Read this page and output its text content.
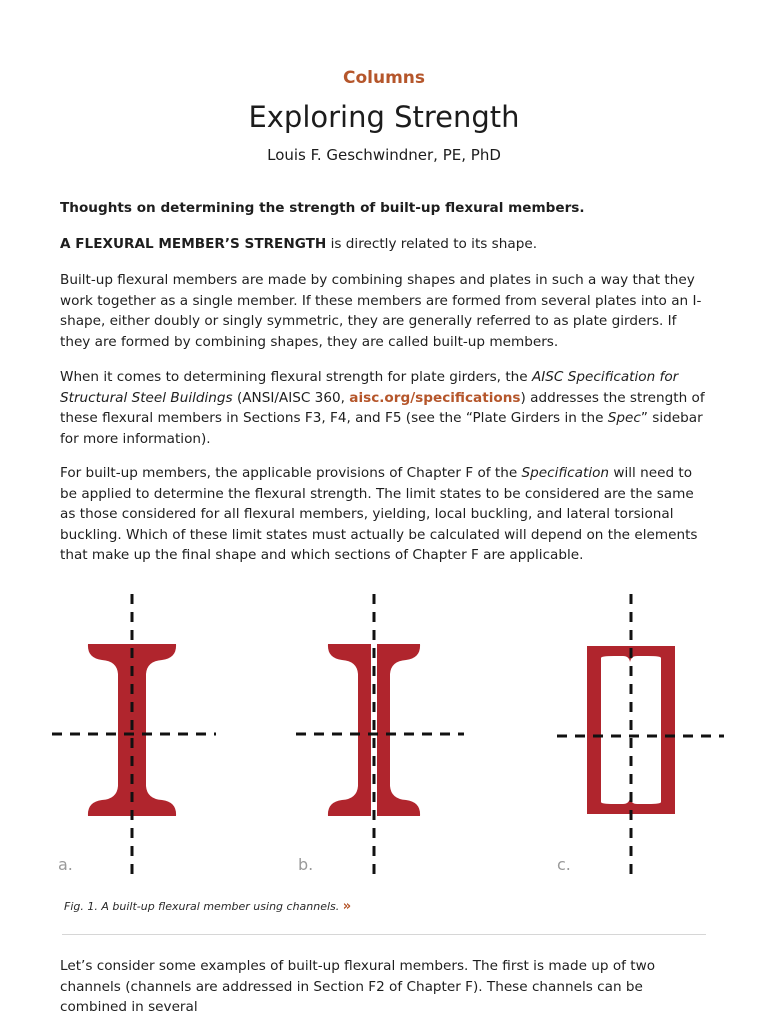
Columns
Exploring Strength
Louis F. Geschwindner, PE, PhD

Thoughts on determining the strength of built-up flexural members.

A FLEXURAL MEMBER’S STRENGTH is directly related to its shape.

Built-up flexural members are made by combining shapes and plates in such a way that they work together as a single member. If these members are formed from several plates into an I-shape, either doubly or singly symmetric, they are generally referred to as plate girders. If they are formed by combining shapes, they are called built-up members.

When it comes to determining flexural strength for plate girders, the AISC Specification for Structural Steel Buildings (ANSI/AISC 360, aisc.org/specifications) addresses the strength of these flexural members in Sections F3, F4, and F5 (see the “Plate Girders in the Spec” sidebar for more information).

For built-up members, the applicable provisions of Chapter F of the Specification will need to be applied to determine the flexural strength. The limit states to be considered are the same as those considered for all flexural members, yielding, local buckling, and lateral torsional buckling. Which of these limit states must actually be calculated will depend on the elements that make up the final shape and which sections of Chapter F are applicable.

a.	b.	c.
Fig. 1. A built-up flexural member using channels. »

Let’s consider some examples of built-up flexural members. The first is made up of two channels (channels are addressed in Section F2 of Chapter F). These channels can be combined in several
